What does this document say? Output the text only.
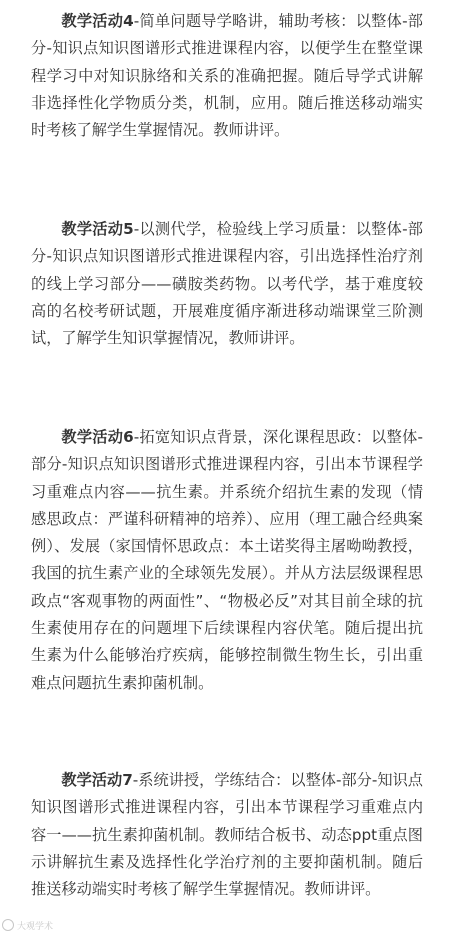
教学活动4-简单问题导学略讲，辅助考核：以整体-部分-知识点知识图谱形式推进课程内容，以便学生在整堂课程学习中对知识脉络和关系的准确把握。随后导学式讲解非选择性化学物质分类，机制，应用。随后推送移动端实时考核了解学生掌握情况。教师讲评。

教学活动5-以测代学，检验线上学习质量：以整体-部分-知识点知识图谱形式推进课程内容，引出选择性治疗剂的线上学习部分——磺胺类药物。以考代学，基于难度较高的名校考研试题，开展难度循序渐进移动端课堂三阶测试，了解学生知识掌握情况，教师讲评。

教学活动6-拓宽知识点背景，深化课程思政：以整体-部分-知识点知识图谱形式推进课程内容，引出本节课程学习重难点内容——抗生素。并系统介绍抗生素的发现（情感思政点：严谨科研精神的培养）、应用（理工融合经典案例）、发展（家国情怀思政点：本土诺奖得主屠呦呦教授，我国的抗生素产业的全球领先发展）。并从方法层级课程思政点“客观事物的两面性”、“物极必反”对其目前全球的抗生素使用存在的问题埋下后续课程内容伏笔。随后提出抗生素为什么能够治疗疾病，能够控制微生物生长，引出重难点问题抗生素抑菌机制。

教学活动7-系统讲授，学练结合：以整体-部分-知识点知识图谱形式推进课程内容，引出本节课程学习重难点内容一——抗生素抑菌机制。教师结合板书、动态ppt重点图示讲解抗生素及选择性化学治疗剂的主要抑菌机制。随后推送移动端实时考核了解学生掌握情况。教师讲评。

大观学术
